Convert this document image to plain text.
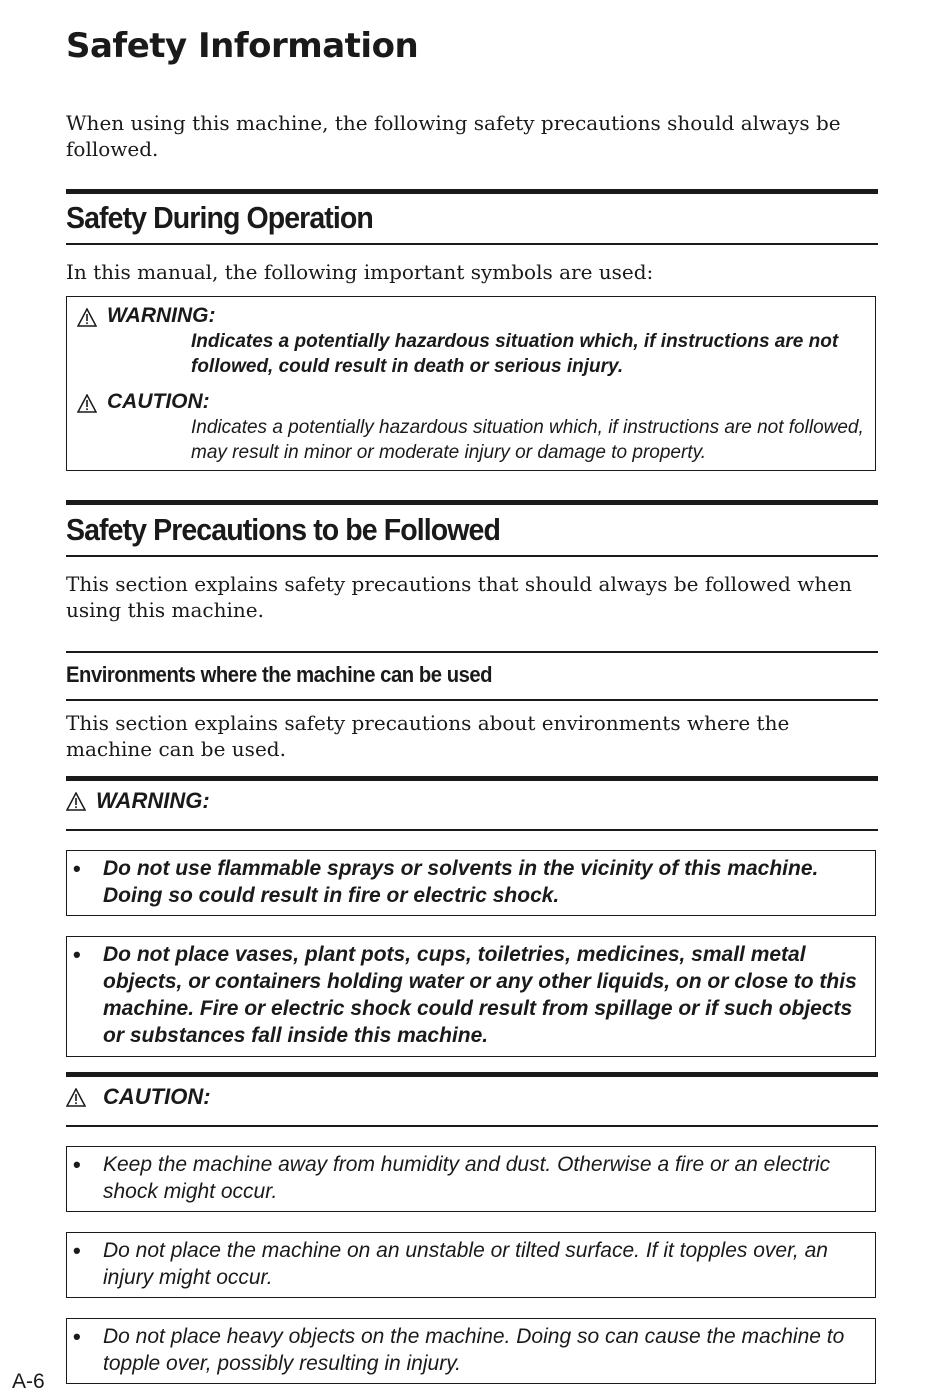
Safety Information

When using this machine, the following safety precautions should always be followed.

Safety During Operation

In this manual, the following important symbols are used:

WARNING:
Indicates a potentially hazardous situation which, if instructions are not followed, could result in death or serious injury.
CAUTION:
Indicates a potentially hazardous situation which, if instructions are not followed, may result in minor or moderate injury or damage to property.
Safety Precautions to be Followed

This section explains safety precautions that should always be followed when using this machine.

Environments where the machine can be used

This section explains safety precautions about environments where the machine can be used.

WARNING:
• Do not use flammable sprays or solvents in the vicinity of this machine. Doing so could result in fire or electric shock.
• Do not place vases, plant pots, cups, toiletries, medicines, small metal objects, or containers holding water or any other liquids, on or close to this machine. Fire or electric shock could result from spillage or if such objects or substances fall inside this machine.
CAUTION:
• Keep the machine away from humidity and dust. Otherwise a fire or an electric shock might occur.
• Do not place the machine on an unstable or tilted surface. If it topples over, an injury might occur.
• Do not place heavy objects on the machine. Doing so can cause the machine to topple over, possibly resulting in injury.
A-6
